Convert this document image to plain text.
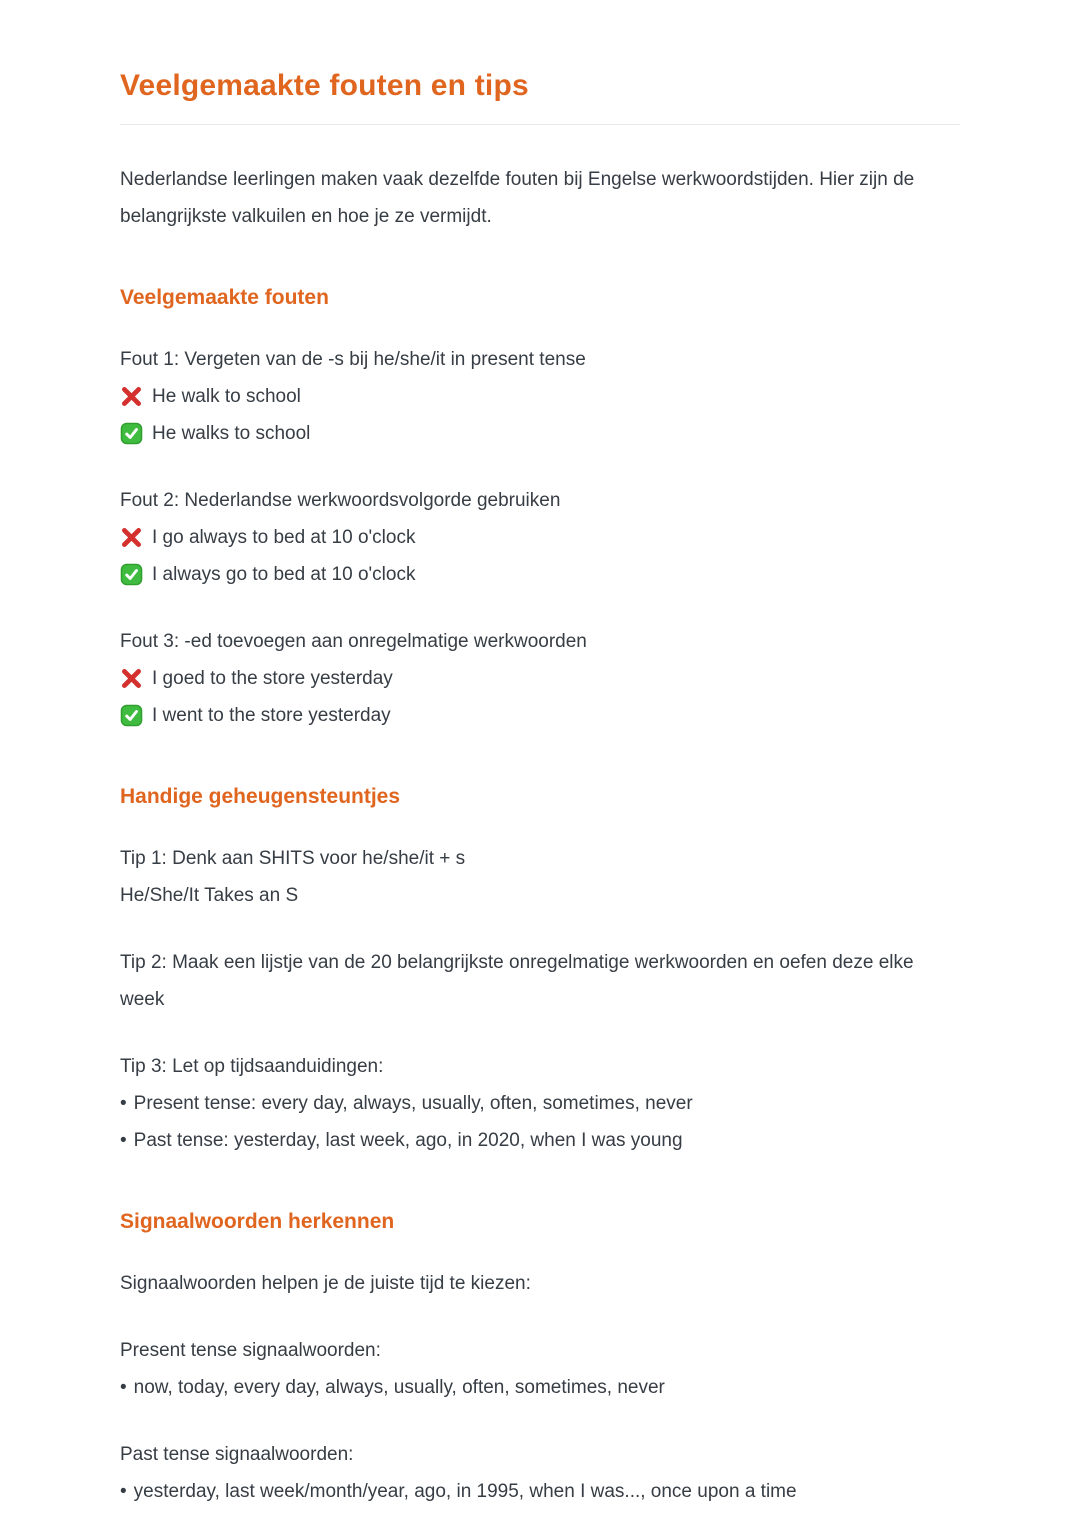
Veelgemaakte fouten en tips

Nederlandse leerlingen maken vaak dezelfde fouten bij Engelse werkwoordstijden. Hier zijn de belangrijkste valkuilen en hoe je ze vermijdt.

Veelgemaakte fouten
Fout 1: Vergeten van de -s bij he/she/it in present tense
He walk to school
He walks to school
Fout 2: Nederlandse werkwoordsvolgorde gebruiken
I go always to bed at 10 o'clock
I always go to bed at 10 o'clock
Fout 3: -ed toevoegen aan onregelmatige werkwoorden
I goed to the store yesterday
I went to the store yesterday
Handige geheugensteuntjes
Tip 1: Denk aan SHITS voor he/she/it + s
He/She/It Takes an S

Tip 2: Maak een lijstje van de 20 belangrijkste onregelmatige werkwoorden en oefen deze elke week

Tip 3: Let op tijdsaanduidingen:
• Present tense: every day, always, usually, often, sometimes, never
• Past tense: yesterday, last week, ago, in 2020, when I was young
Signaalwoorden herkennen

Signaalwoorden helpen je de juiste tijd te kiezen:

Present tense signaalwoorden:
• now, today, every day, always, usually, often, sometimes, never
Past tense signaalwoorden:
• yesterday, last week/month/year, ago, in 1995, when I was..., once upon a time
